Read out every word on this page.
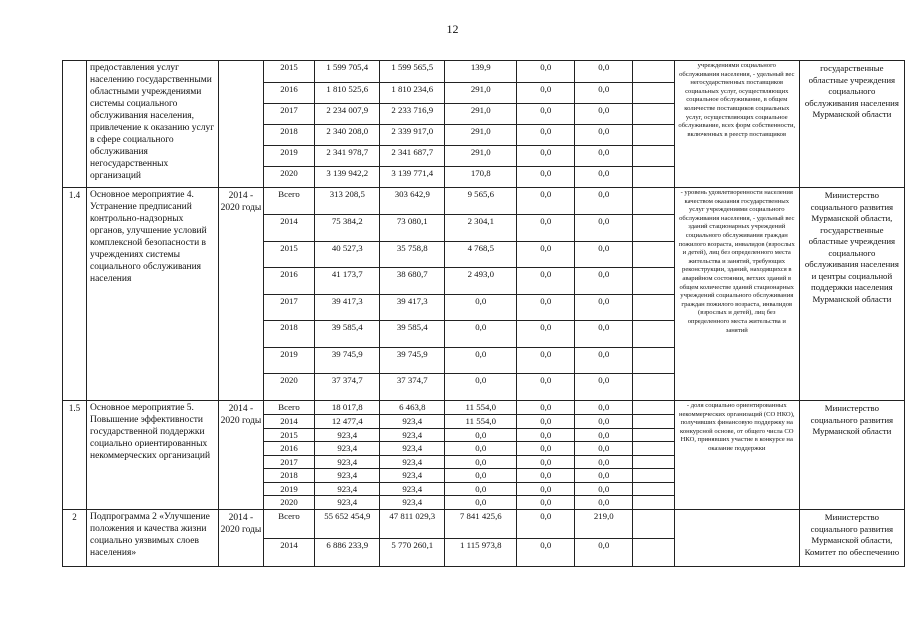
12
	предоставления услуг населению государственными областными учреждениями системы социального обслуживания населения, привлечение к оказанию услуг в сфере социального обслуживания негосударственных организаций		
2015	1 599 705,4	1 599 565,5	139,9	0,0	0,0	
2016	1 810 525,6	1 810 234,6	291,0	0,0	0,0	
2017	2 234 007,9	2 233 716,9	291,0	0,0	0,0	
2018	2 340 208,0	2 339 917,0	291,0	0,0	0,0	
2019	2 341 978,7	2 341 687,7	291,0	0,0	0,0	
2020	3 139 942,2	3 139 771,4	170,8	0,0	0,0	
	учреждениями социального обслуживания населения, - удельный вес негосударственных поставщиков социальных услуг, осуществляющих социальное обслуживание, в общем количестве поставщиков социальных услуг, осуществляющих социальное обслуживание, всех форм собственности, включенных в реестр поставщиков	государственные областные учреждения социального обслуживания населения Мурманской области
1.4	Основное мероприятие 4. Устранение предписаний контрольно-надзорных органов, улучшение условий комплексной безопасности в учреждениях системы социального обслуживания населения	2014 - 2020 годы	
Всего	313 208,5	303 642,9	9 565,6	0,0	0,0	
2014	75 384,2	73 080,1	2 304,1	0,0	0,0	
2015	40 527,3	35 758,8	4 768,5	0,0	0,0	
2016	41 173,7	38 680,7	2 493,0	0,0	0,0	
2017	39 417,3	39 417,3	0,0	0,0	0,0	
2018	39 585,4	39 585,4	0,0	0,0	0,0	
2019	39 745,9	39 745,9	0,0	0,0	0,0	
2020	37 374,7	37 374,7	0,0	0,0	0,0	
	- уровень удовлетворенности населения качеством оказания государственных услуг учреждениями социального обслуживания населения, - удельный вес зданий стационарных учреждений социального обслуживания граждан пожилого возраста, инвалидов (взрослых и детей), лиц без определенного места жительства и занятий, требующих реконструкции, зданий, находящихся в аварийном состоянии, ветхих зданий в общем количестве зданий стационарных учреждений социального обслуживания граждан пожилого возраста, инвалидов (взрослых и детей), лиц без определенного места жительства и занятий	Министерство социального развития Мурманской области, государственные областные учреждения социального обслуживания населения и центры социальной поддержки населения Мурманской области
1.5	Основное мероприятие 5. Повышение эффективности государственной поддержки социально ориентированных некоммерческих организаций	2014 - 2020 годы	
Всего	18 017,8	6 463,8	11 554,0	0,0	0,0	
2014	12 477,4	923,4	11 554,0	0,0	0,0	
2015	923,4	923,4	0,0	0,0	0,0	
2016	923,4	923,4	0,0	0,0	0,0	
2017	923,4	923,4	0,0	0,0	0,0	
2018	923,4	923,4	0,0	0,0	0,0	
2019	923,4	923,4	0,0	0,0	0,0	
2020	923,4	923,4	0,0	0,0	0,0	
	- доля социально ориентированных некоммерческих организаций (СО НКО), получивших финансовую поддержку на конкурсной основе, от общего числа СО НКО, принявших участие в конкурсе на оказание поддержки	Министерство социального развития Мурманской области
2	Подпрограмма 2 «Улучшение положения и качества жизни социально уязвимых слоев населения»	2014 - 2020 годы	
Всего	55 652 454,9	47 811 029,3	7 841 425,6	0,0	219,0	
2014	6 886 233,9	5 770 260,1	1 115 973,8	0,0	0,0	
		Министерство социального развития Мурманской области, Комитет по обеспечению
